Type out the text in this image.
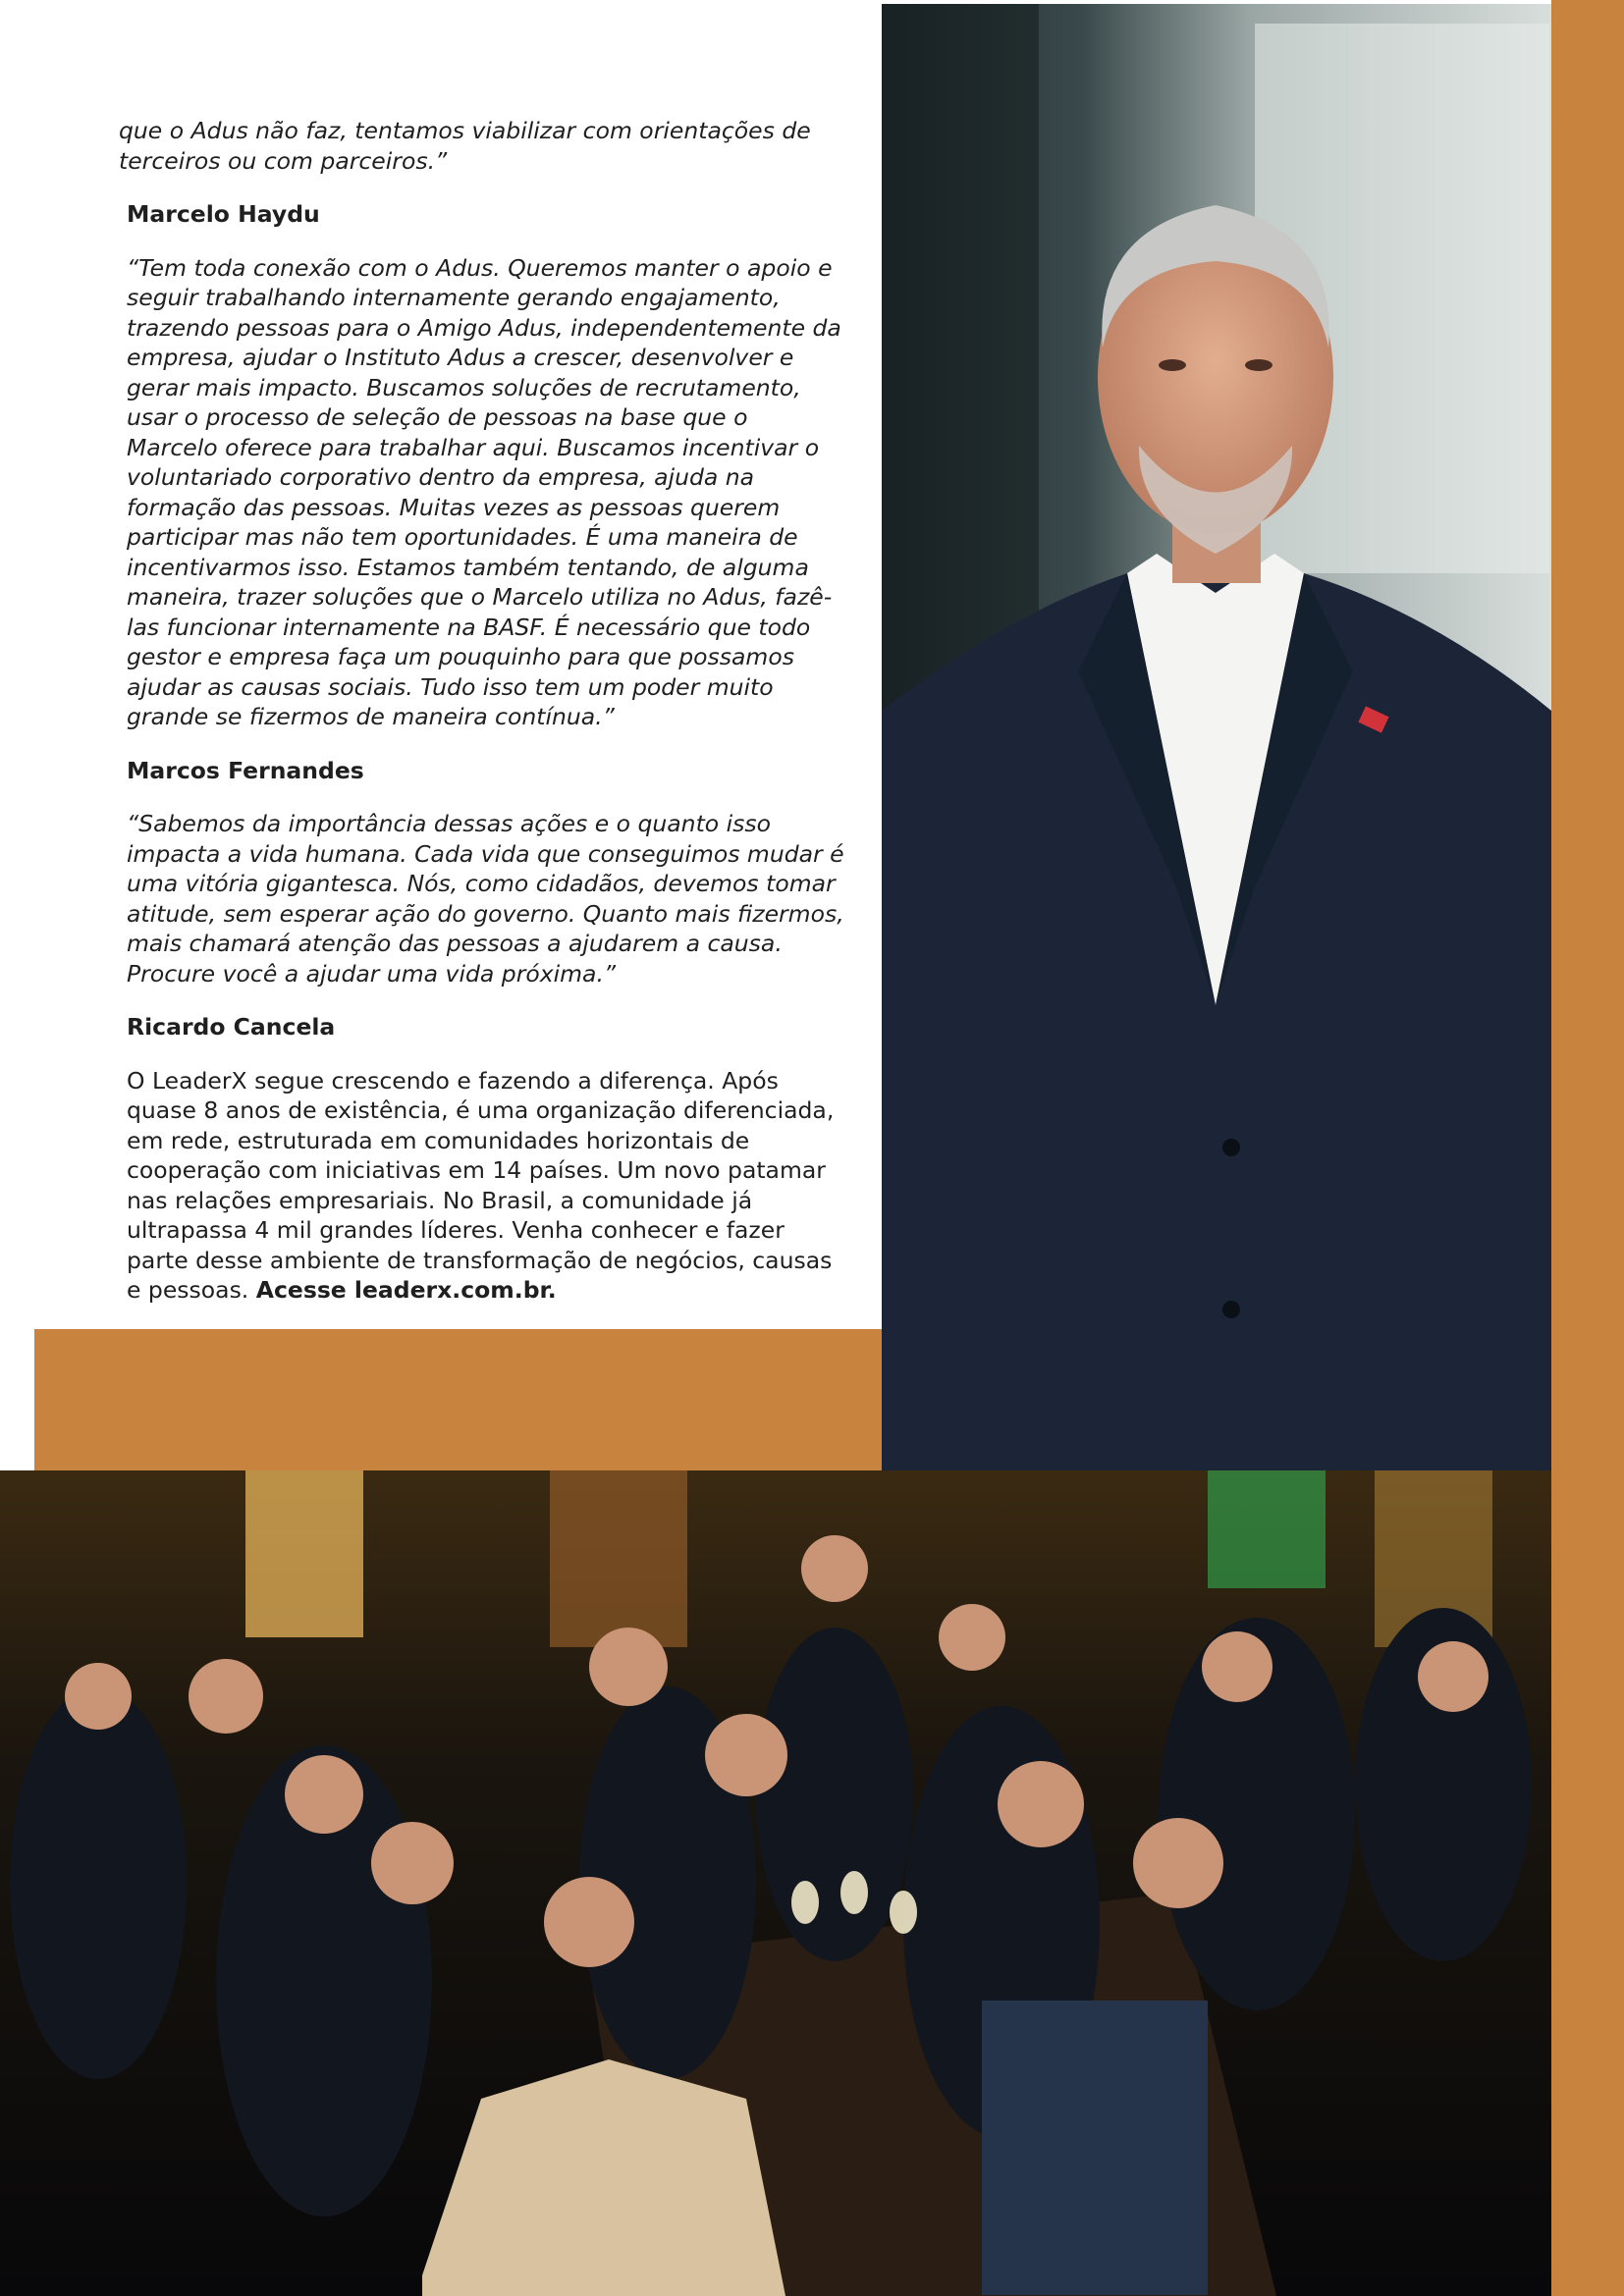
que o Adus não faz, tentamos viabilizar com orientações de terceiros ou com parceiros.”

Marcelo Haydu

“Tem toda conexão com o Adus. Queremos manter o apoio e seguir trabalhando internamente gerando engajamento, trazendo pessoas para o Amigo Adus, independentemente da empresa, ajudar o Instituto Adus a crescer, desenvolver e gerar mais impacto. Buscamos soluções de recrutamento, usar o processo de seleção de pessoas na base que o Marcelo oferece para trabalhar aqui. Buscamos incentivar o voluntariado corporativo dentro da empresa, ajuda na formação das pessoas. Muitas vezes as pessoas querem participar mas não tem oportunidades. É uma maneira de incentivarmos isso. Estamos também tentando, de alguma maneira, trazer soluções que o Marcelo utiliza no Adus, fazê-las funcionar internamente na BASF. É necessário que todo gestor e empresa faça um pouquinho para que possamos ajudar as causas sociais. Tudo isso tem um poder muito grande se fizermos de maneira contínua.”

Marcos Fernandes

“Sabemos da importância dessas ações e o quanto isso impacta a vida humana. Cada vida que conseguimos mudar é uma vitória gigantesca. Nós, como cidadãos, devemos tomar atitude, sem esperar ação do governo. Quanto mais fizermos, mais chamará atenção das pessoas a ajudarem a causa. Procure você a ajudar uma vida próxima.”

Ricardo Cancela

O LeaderX segue crescendo e fazendo a diferença. Após quase 8 anos de existência, é uma organização diferenciada, em rede, estruturada em comunidades horizontais de cooperação com iniciativas em 14 países. Um novo patamar nas relações empresariais. No Brasil, a comunidade já ultrapassa 4 mil grandes líderes. Venha conhecer e fazer parte desse ambiente de transformação de negócios, causas e pessoas. Acesse leaderx.com.br.
